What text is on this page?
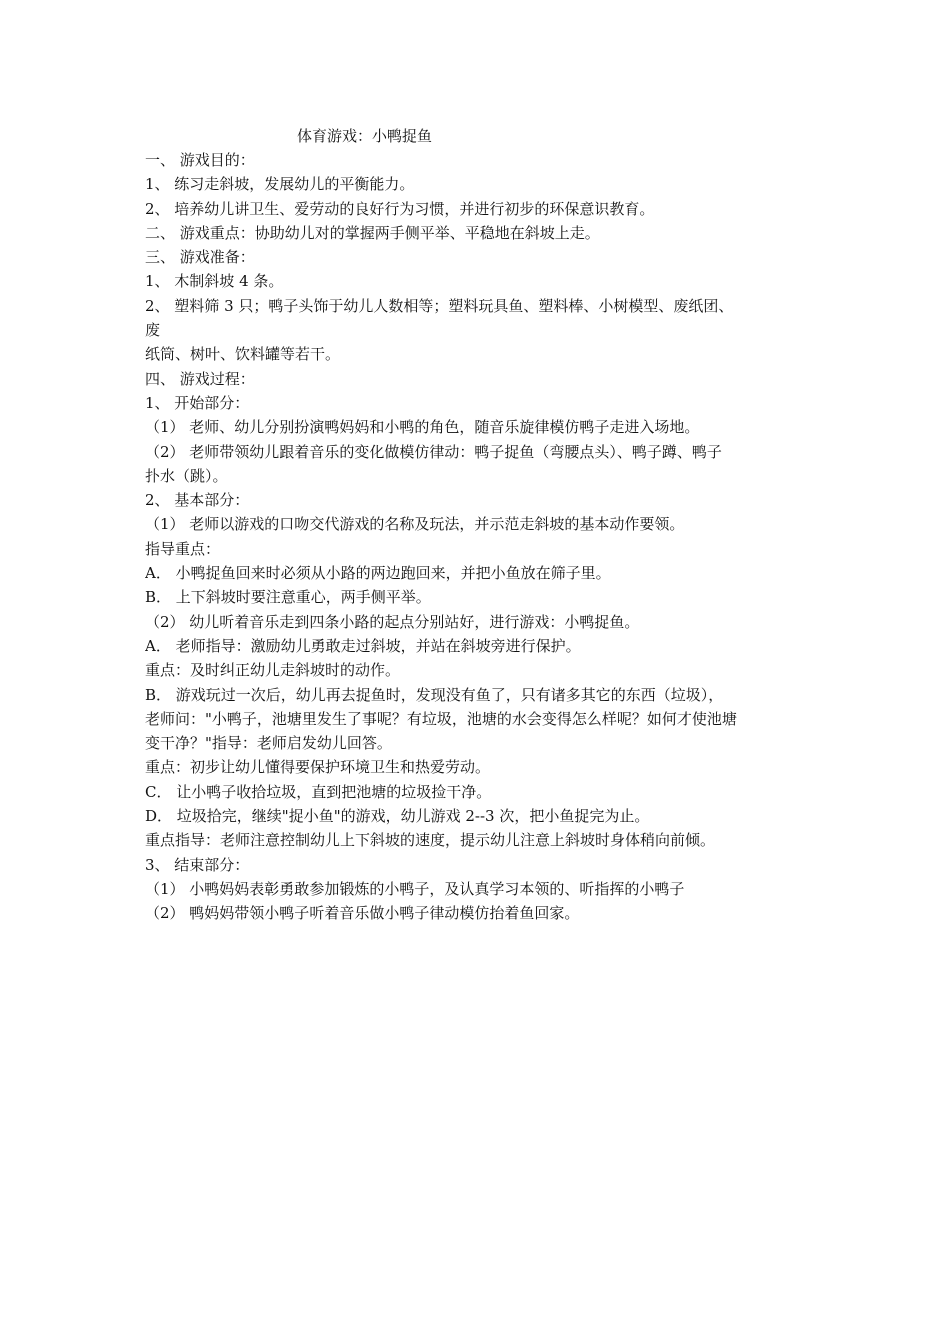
体育游戏：小鸭捉鱼
一、 游戏目的：
1、 练习走斜坡，发展幼儿的平衡能力。
2、 培养幼儿讲卫生、爱劳动的良好行为习惯，并进行初步的环保意识教育。
二、 游戏重点：协助幼儿对的掌握两手侧平举、平稳地在斜坡上走。
三、 游戏准备：
1、 木制斜坡 4 条。
2、 塑料筛 3 只；鸭子头饰于幼儿人数相等；塑料玩具鱼、塑料棒、小树模型、废纸团、
废
纸筒、树叶、饮料罐等若干。
四、 游戏过程：
1、 开始部分：
（1） 老师、幼儿分别扮演鸭妈妈和小鸭的角色，随音乐旋律模仿鸭子走进入场地。
（2） 老师带领幼儿跟着音乐的变化做模仿律动：鸭子捉鱼（弯腰点头）、鸭子蹲、鸭子
扑水（跳）。
2、 基本部分：
（1） 老师以游戏的口吻交代游戏的名称及玩法，并示范走斜坡的基本动作要领。
指导重点：
A． 小鸭捉鱼回来时必须从小路的两边跑回来，并把小鱼放在筛子里。
B． 上下斜坡时要注意重心，两手侧平举。
（2） 幼儿听着音乐走到四条小路的起点分别站好，进行游戏：小鸭捉鱼。
A． 老师指导：激励幼儿勇敢走过斜坡，并站在斜坡旁进行保护。
重点：及时纠正幼儿走斜坡时的动作。
B． 游戏玩过一次后，幼儿再去捉鱼时，发现没有鱼了，只有诸多其它的东西（垃圾），
老师问："小鸭子，池塘里发生了事呢？有垃圾，池塘的水会变得怎么样呢？如何才使池塘
变干净？"指导：老师启发幼儿回答。
重点：初步让幼儿懂得要保护环境卫生和热爱劳动。
C． 让小鸭子收拾垃圾，直到把池塘的垃圾捡干净。
D． 垃圾拾完，继续"捉小鱼"的游戏，幼儿游戏 2--3 次，把小鱼捉完为止。
重点指导：老师注意控制幼儿上下斜坡的速度，提示幼儿注意上斜坡时身体稍向前倾。
3、 结束部分：
（1） 小鸭妈妈表彰勇敢参加锻炼的小鸭子，及认真学习本领的、听指挥的小鸭子
（2） 鸭妈妈带领小鸭子听着音乐做小鸭子律动模仿抬着鱼回家。
